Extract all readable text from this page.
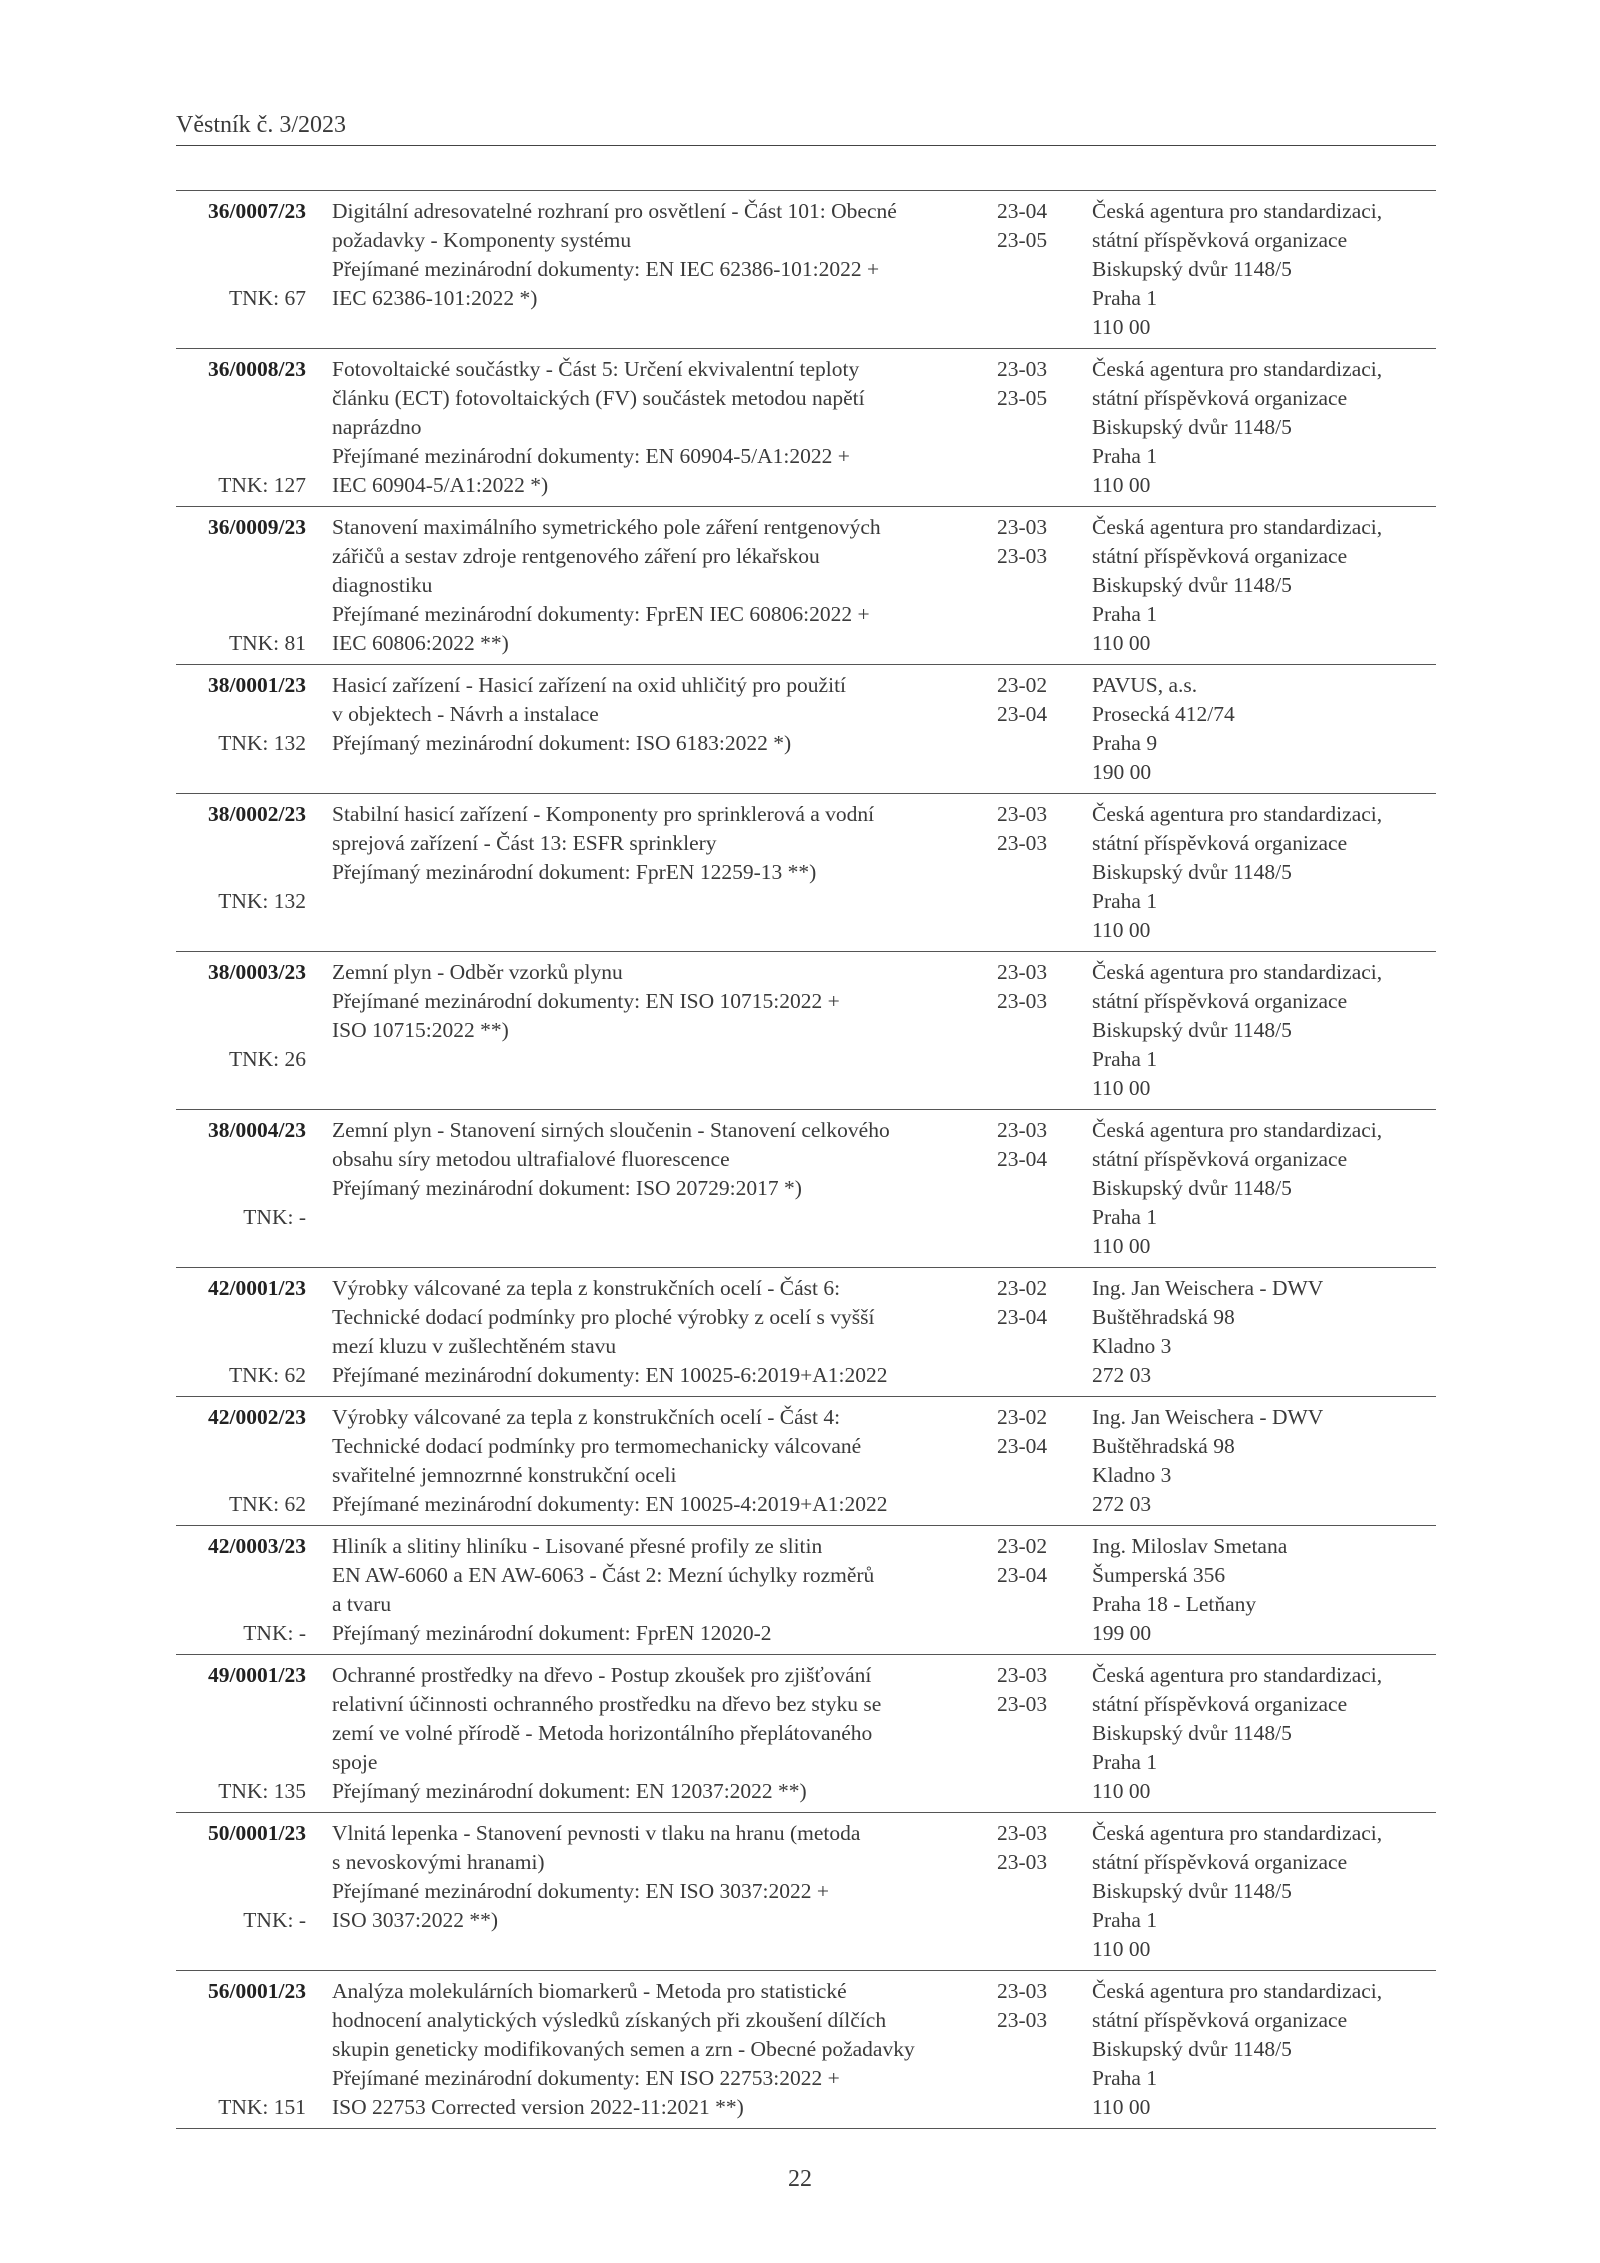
Věstník č. 3/2023
36/0007/23
TNK: 67
Digitální adresovatelné rozhraní pro osvětlení - Část 101: Obecné
požadavky - Komponenty systému
Přejímané mezinárodní dokumenty: EN IEC 62386-101:2022 +
IEC 62386-101:2022 *)
23-04
23-05
Česká agentura pro standardizaci,
státní příspěvková organizace
Biskupský dvůr 1148/5
Praha 1
110 00
36/0008/23
TNK: 127
Fotovoltaické součástky - Část 5: Určení ekvivalentní teploty
článku (ECT) fotovoltaických (FV) součástek metodou napětí
naprázdno
Přejímané mezinárodní dokumenty: EN 60904-5/A1:2022 +
IEC 60904-5/A1:2022 *)
23-03
23-05
Česká agentura pro standardizaci,
státní příspěvková organizace
Biskupský dvůr 1148/5
Praha 1
110 00
36/0009/23
TNK: 81
Stanovení maximálního symetrického pole záření rentgenových
zářičů a sestav zdroje rentgenového záření pro lékařskou
diagnostiku
Přejímané mezinárodní dokumenty: FprEN IEC 60806:2022 +
IEC 60806:2022 **)
23-03
23-03
Česká agentura pro standardizaci,
státní příspěvková organizace
Biskupský dvůr 1148/5
Praha 1
110 00
38/0001/23
TNK: 132
Hasicí zařízení - Hasicí zařízení na oxid uhličitý pro použití
v objektech - Návrh a instalace
Přejímaný mezinárodní dokument: ISO 6183:2022 *)
23-02
23-04
PAVUS, a.s.
Prosecká 412/74
Praha 9
190 00
38/0002/23
TNK: 132
Stabilní hasicí zařízení - Komponenty pro sprinklerová a vodní
sprejová zařízení - Část 13: ESFR sprinklery
Přejímaný mezinárodní dokument: FprEN 12259-13 **)
23-03
23-03
Česká agentura pro standardizaci,
státní příspěvková organizace
Biskupský dvůr 1148/5
Praha 1
110 00
38/0003/23
TNK: 26
Zemní plyn - Odběr vzorků plynu
Přejímané mezinárodní dokumenty: EN ISO 10715:2022 +
ISO 10715:2022 **)
23-03
23-03
Česká agentura pro standardizaci,
státní příspěvková organizace
Biskupský dvůr 1148/5
Praha 1
110 00
38/0004/23
TNK: -
Zemní plyn - Stanovení sirných sloučenin - Stanovení celkového
obsahu síry metodou ultrafialové fluorescence
Přejímaný mezinárodní dokument: ISO 20729:2017 *)
23-03
23-04
Česká agentura pro standardizaci,
státní příspěvková organizace
Biskupský dvůr 1148/5
Praha 1
110 00
42/0001/23
TNK: 62
Výrobky válcované za tepla z konstrukčních ocelí - Část 6:
Technické dodací podmínky pro ploché výrobky z ocelí s vyšší
mezí kluzu v zušlechtěném stavu
Přejímané mezinárodní dokumenty: EN 10025-6:2019+A1:2022
23-02
23-04
Ing. Jan Weischera - DWV
Buštěhradská 98
Kladno 3
272 03
42/0002/23
TNK: 62
Výrobky válcované za tepla z konstrukčních ocelí - Část 4:
Technické dodací podmínky pro termomechanicky válcované
svařitelné jemnozrnné konstrukční oceli
Přejímané mezinárodní dokumenty: EN 10025-4:2019+A1:2022
23-02
23-04
Ing. Jan Weischera - DWV
Buštěhradská 98
Kladno 3
272 03
42/0003/23
TNK: -
Hliník a slitiny hliníku - Lisované přesné profily ze slitin
EN AW-6060 a EN AW-6063 - Část 2: Mezní úchylky rozměrů
a tvaru
Přejímaný mezinárodní dokument: FprEN 12020-2
23-02
23-04
Ing. Miloslav Smetana
Šumperská 356
Praha 18 - Letňany
199 00
49/0001/23
TNK: 135
Ochranné prostředky na dřevo - Postup zkoušek pro zjišťování
relativní účinnosti ochranného prostředku na dřevo bez styku se
zemí ve volné přírodě - Metoda horizontálního přeplátovaného
spoje
Přejímaný mezinárodní dokument: EN 12037:2022 **)
23-03
23-03
Česká agentura pro standardizaci,
státní příspěvková organizace
Biskupský dvůr 1148/5
Praha 1
110 00
50/0001/23
TNK: -
Vlnitá lepenka - Stanovení pevnosti v tlaku na hranu (metoda
s nevoskovými hranami)
Přejímané mezinárodní dokumenty: EN ISO 3037:2022 +
ISO 3037:2022 **)
23-03
23-03
Česká agentura pro standardizaci,
státní příspěvková organizace
Biskupský dvůr 1148/5
Praha 1
110 00
56/0001/23
TNK: 151
Analýza molekulárních biomarkerů - Metoda pro statistické
hodnocení analytických výsledků získaných při zkoušení dílčích
skupin geneticky modifikovaných semen a zrn - Obecné požadavky
Přejímané mezinárodní dokumenty: EN ISO 22753:2022 +
ISO 22753 Corrected version 2022-11:2021 **)
23-03
23-03
Česká agentura pro standardizaci,
státní příspěvková organizace
Biskupský dvůr 1148/5
Praha 1
110 00
22
